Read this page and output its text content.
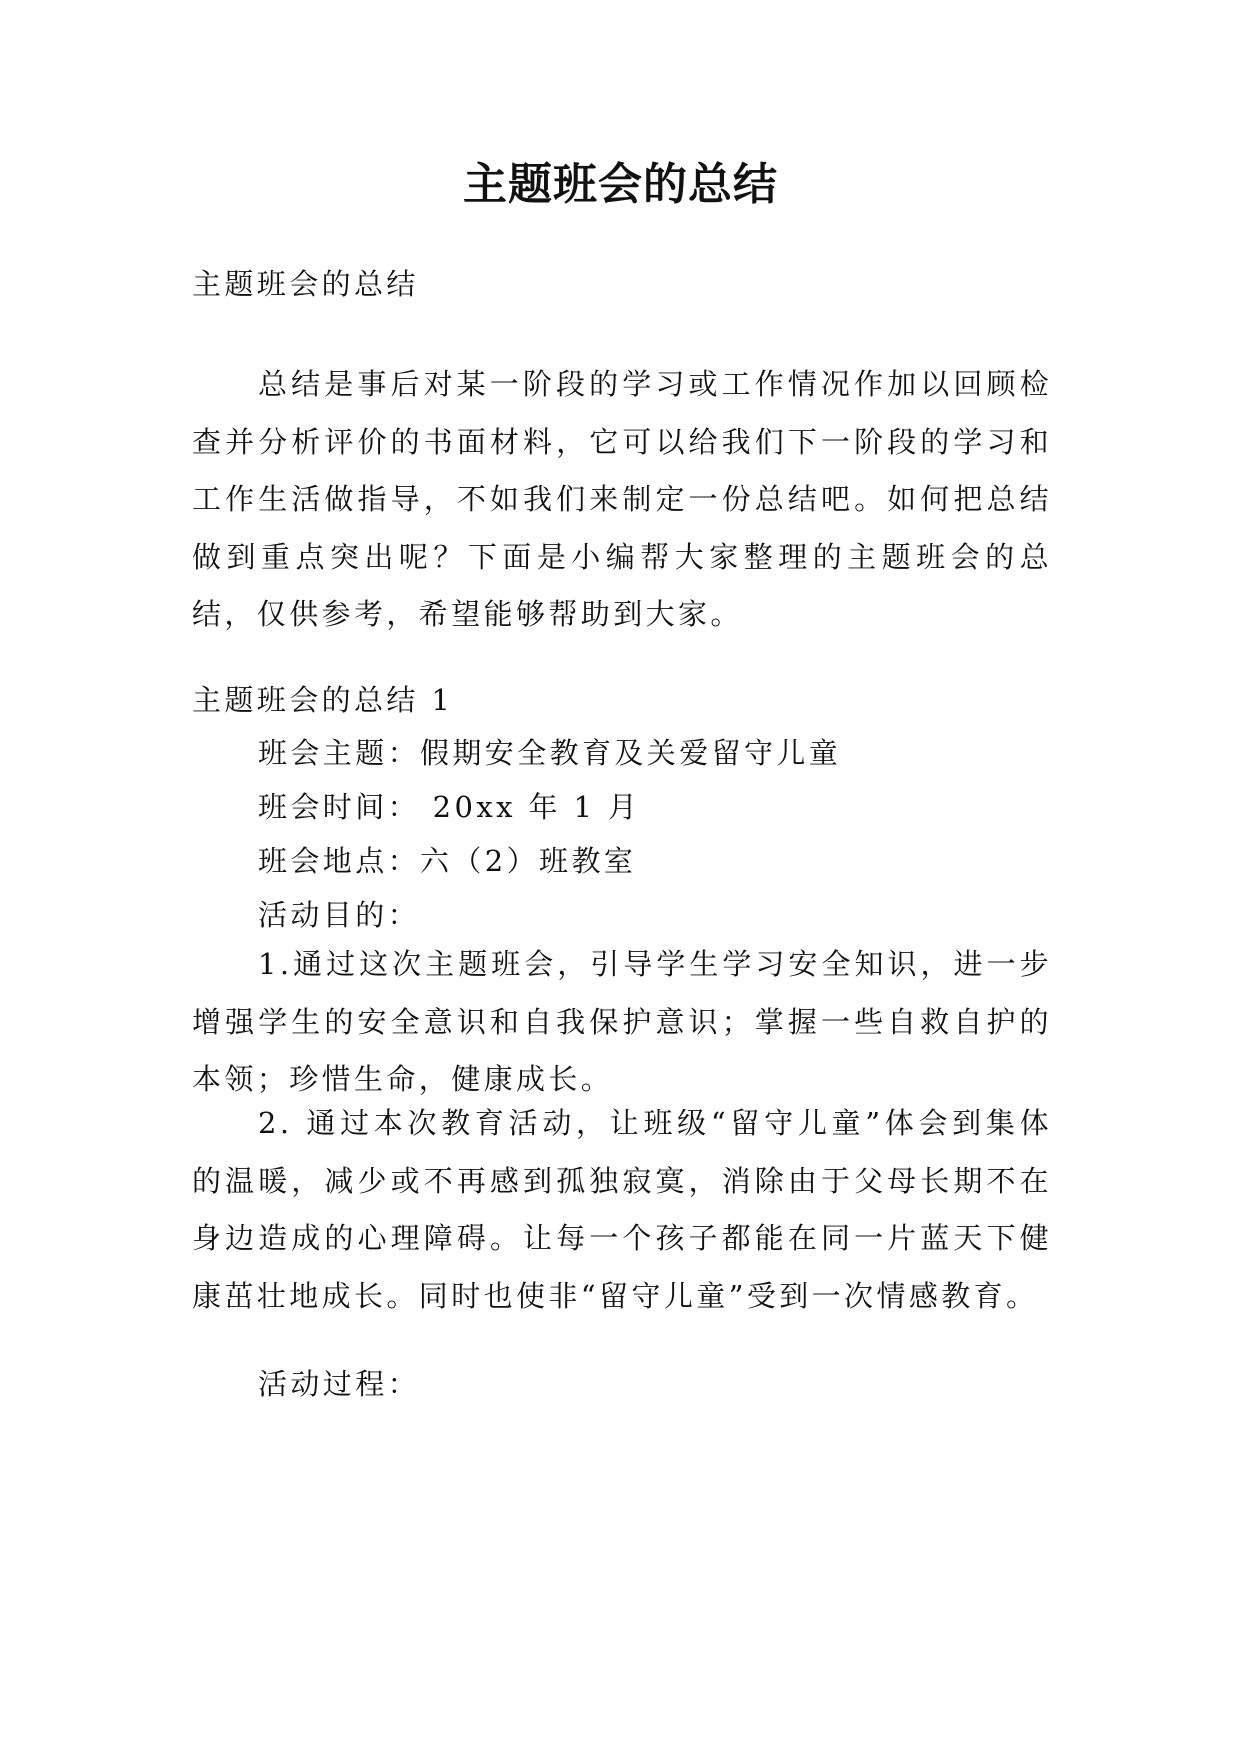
主题班会的总结
主题班会的总结
总结是事后对某一阶段的学习或工作情况作加以回顾检查并分析评价的书面材料，它可以给我们下一阶段的学习和工作生活做指导，不如我们来制定一份总结吧。如何把总结做到重点突出呢？下面是小编帮大家整理的主题班会的总结，仅供参考，希望能够帮助到大家。
主题班会的总结 1
班会主题：假期安全教育及关爱留守儿童
班会时间： 20xx 年 1 月
班会地点：六（2）班教室
活动目的：
1.通过这次主题班会，引导学生学习安全知识，进一步增强学生的安全意识和自我保护意识；掌握一些自救自护的本领；珍惜生命，健康成长。
2. 通过本次教育活动，让班级“留守儿童”体会到集体的温暖，减少或不再感到孤独寂寞，消除由于父母长期不在身边造成的心理障碍。让每一个孩子都能在同一片蓝天下健康茁壮地成长。同时也使非“留守儿童”受到一次情感教育。
活动过程：
